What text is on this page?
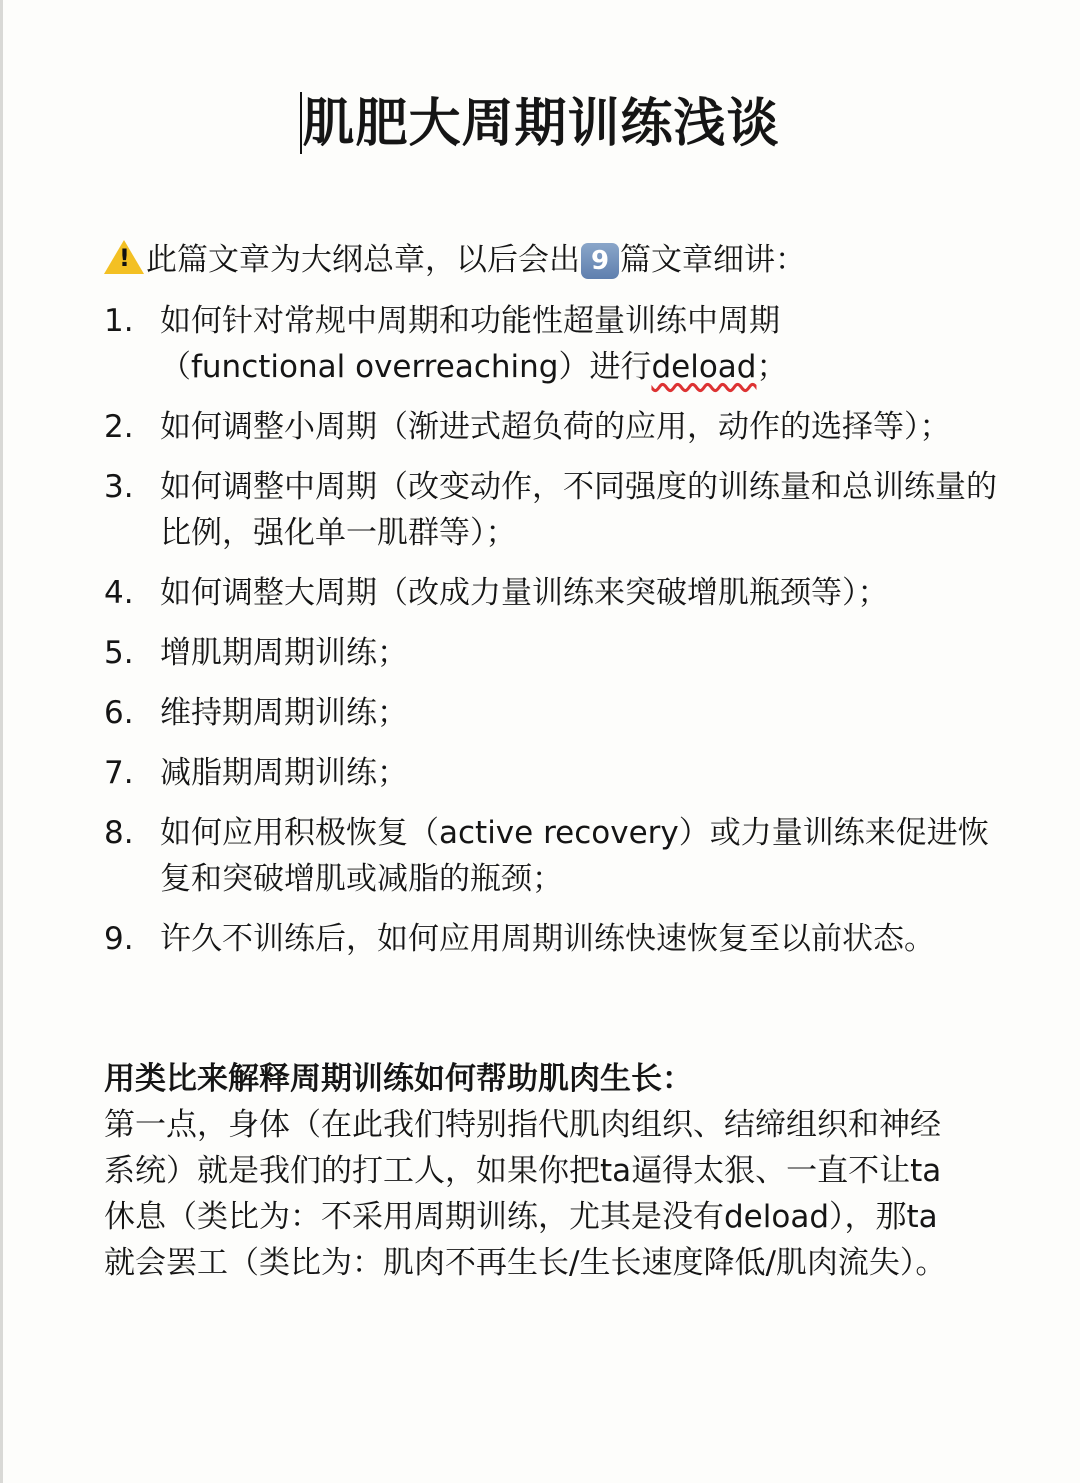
肌肥大周期训练浅谈
!此篇文章为大纲总章，以后会出 9 篇文章细讲：
1. 如何针对常规中周期和功能性超量训练中周期
（functional overreaching）进行deload；
2. 如何调整小周期（渐进式超负荷的应用，动作的选择等）；
3. 如何调整中周期（改变动作，不同强度的训练量和总训练量的比例，强化单一肌群等）；
4. 如何调整大周期（改成力量训练来突破增肌瓶颈等）；
5. 增肌期周期训练；
6. 维持期周期训练；
7. 减脂期周期训练；
8. 如何应用积极恢复（active recovery）或力量训练来促进恢复和突破增肌或减脂的瓶颈；
9. 许久不训练后，如何应用周期训练快速恢复至以前状态。
用类比来解释周期训练如何帮助肌肉生长：
第一点，身体（在此我们特别指代肌肉组织、结缔组织和神经系统）就是我们的打工人，如果你把ta逼得太狠、一直不让ta休息（类比为：不采用周期训练，尤其是没有deload），那ta就会罢工（类比为：肌肉不再生长/生长速度降低/肌肉流失）。
